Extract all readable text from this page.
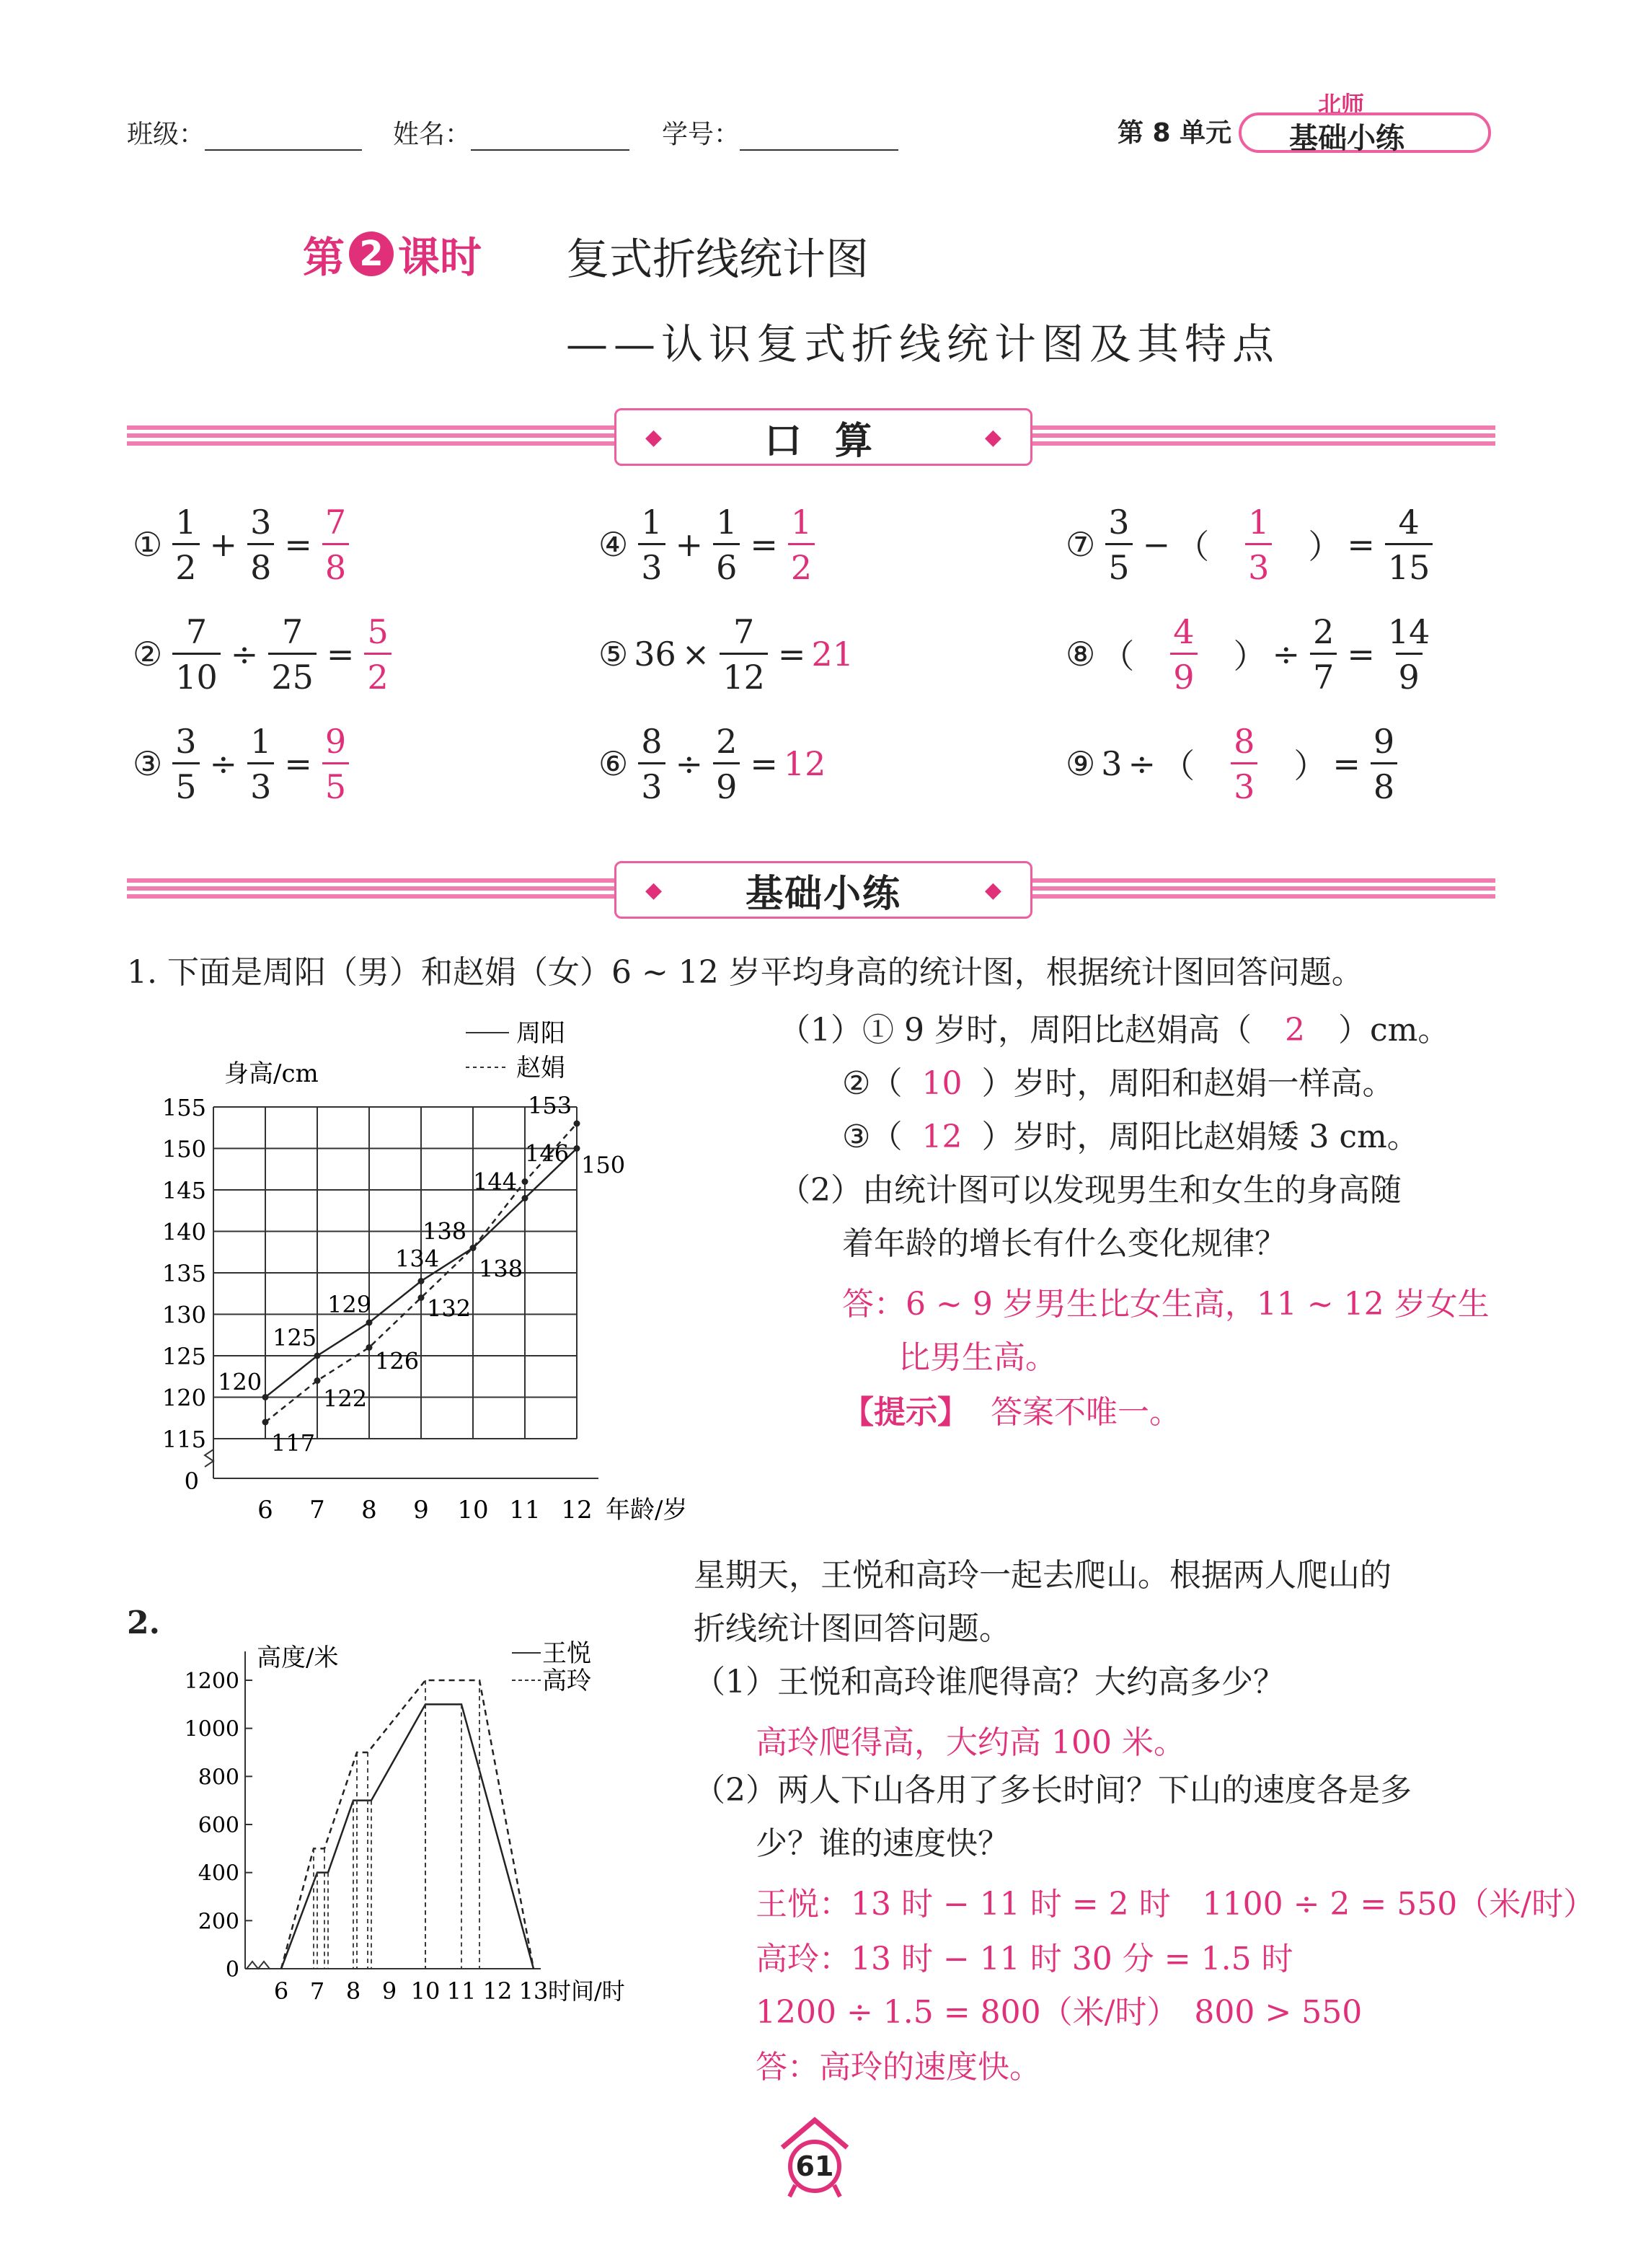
班级：	姓名：	学号：	第 8 单元
北师
基础小练
第 2 课时 复式折线统计图
——认识复式折线统计图及其特点
◆	口 算	◆
① $\frac{1}{2} + \frac{3}{8} = \frac{7}{8}$
② $\frac{7}{10} \div \frac{7}{25} = \frac{5}{2}$
③ $\frac{3}{5} \div \frac{1}{3} = \frac{9}{5}$
④ $\frac{1}{3} + \frac{1}{6} = \frac{1}{2}$
⑤ $36 \times \frac{7}{12} = 21$
⑥ $\frac{8}{3} \div \frac{2}{9} = 12$
⑦ $\frac{3}{5}$ − （ $\frac{1}{3}$ ） = $\frac{4}{15}$
⑧ （ $\frac{4}{9}$ ） ÷ $\frac{2}{7} = \frac{14}{9}$
⑨ 3 ÷ （ $\frac{8}{3}$ ） = $\frac{9}{8}$
◆ 基础小练	◆
1. 下面是周阳（男）和赵娟（女）6 ~ 12 岁平均身高的统计图，根据统计图回答问题。
0
115
120
125
130
135
140
145
150
155
6 7 8 9 10 11 12 年龄/岁
身高/cm
周阳
赵娟
120
125
129
134
138
144
150
117
122
126
132
138
146
153
（1）① 9 岁时，周阳比赵娟高（ 2 ）cm。
②（ 10 ）岁时，周阳和赵娟一样高。
③（ 12 ）岁时，周阳比赵娟矮 3 cm。
（2）由统计图可以发现男生和女生的身高随
着年龄的增长有什么变化规律？
答：6 ~ 9 岁男生比女生高，11 ~ 12 岁女生
比男生高。
【提示】 答案不唯一。
2.
0
200
400
600
800
1000
1200
6 7 8 9 10 11 12 13 时间/时
高度/米	王悦
高玲
星期天，王悦和高玲一起去爬山。根据两人爬山的
折线统计图回答问题。
（1）王悦和高玲谁爬得高？大约高多少？
高玲爬得高，大约高 100 米。
（2）两人下山各用了多长时间？下山的速度各是多
少？谁的速度快？
王悦：13 时 − 11 时 = 2 时　1100 ÷ 2 = 550（米/时）
高玲：13 时 − 11 时 30 分 = 1.5 时
1200 ÷ 1.5 = 800（米/时）　800 > 550
答：高玲的速度快。
61
